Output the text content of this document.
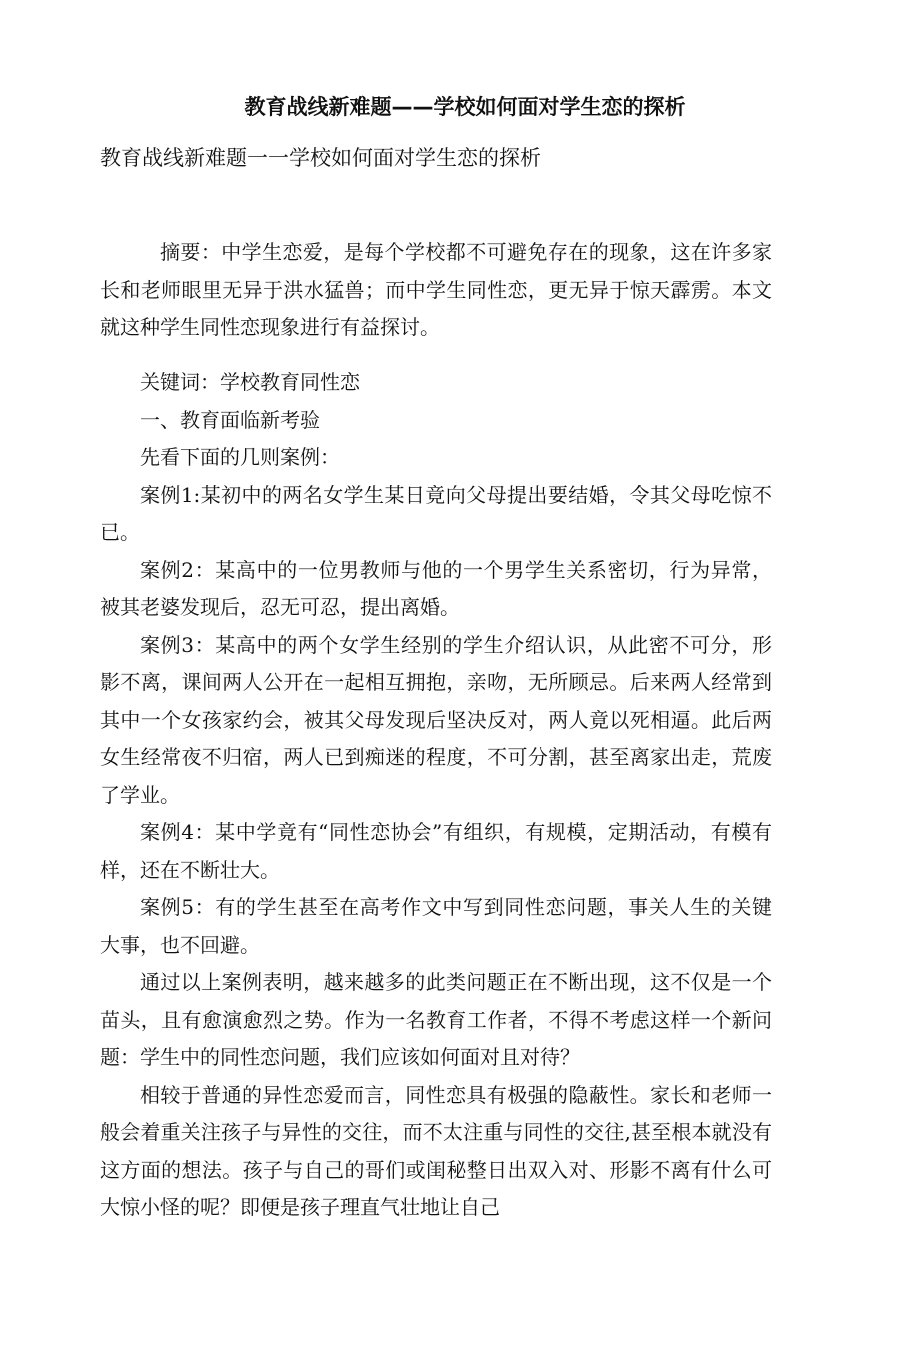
教育战线新难题——学校如何面对学生恋的探析
教育战线新难题一一学校如何面对学生恋的探析

摘要：中学生恋爱，是每个学校都不可避免存在的现象，这在许多家长和老师眼里无异于洪水猛兽；而中学生同性恋，更无异于惊天霹雳。本文就这种学生同性恋现象进行有益探讨。

关键词：学校教育同性恋

一、教育面临新考验

先看下面的几则案例：

案例1:某初中的两名女学生某日竟向父母提出要结婚，令其父母吃惊不已。

案例2：某高中的一位男教师与他的一个男学生关系密切，行为异常，被其老婆发现后，忍无可忍，提出离婚。

案例3：某高中的两个女学生经别的学生介绍认识，从此密不可分，形影不离，课间两人公开在一起相互拥抱，亲吻，无所顾忌。后来两人经常到其中一个女孩家约会，被其父母发现后坚决反对，两人竟以死相逼。此后两女生经常夜不归宿，两人已到痴迷的程度，不可分割，甚至离家出走，荒废了学业。

案例4：某中学竟有“同性恋协会”有组织，有规模，定期活动，有模有样，还在不断壮大。

案例5：有的学生甚至在高考作文中写到同性恋问题，事关人生的关键大事，也不回避。

通过以上案例表明，越来越多的此类问题正在不断出现，这不仅是一个苗头，且有愈演愈烈之势。作为一名教育工作者，不得不考虑这样一个新问题：学生中的同性恋问题，我们应该如何面对且对待？

相较于普通的异性恋爱而言，同性恋具有极强的隐蔽性。家长和老师一般会着重关注孩子与异性的交往，而不太注重与同性的交往,甚至根本就没有这方面的想法。孩子与自己的哥们或闺秘整日出双入对、形影不离有什么可大惊小怪的呢？即便是孩子理直气壮地让自己
